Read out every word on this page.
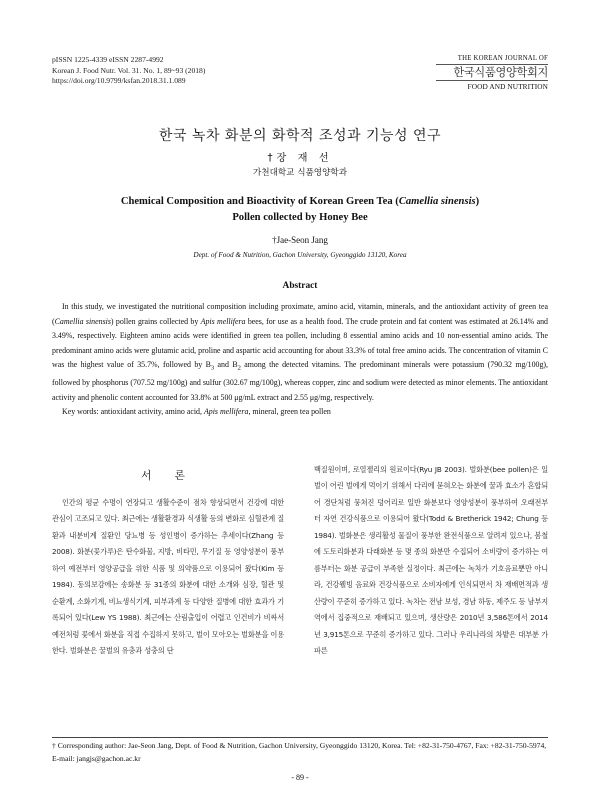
pISSN 1225-4339 eISSN 2287-4992
Korean J. Food Nutr. Vol. 31. No. 1, 89~93 (2018)
https://doi.org/10.9799/ksfan.2018.31.1.089
THE KOREAN JOURNAL OF
한국식품영양학회지
FOOD AND NUTRITION
한국 녹차 화분의 화학적 조성과 기능성 연구
†장 재 선
가천대학교 식품영양학과
Chemical Composition and Bioactivity of Korean Green Tea (Camellia sinensis)
Pollen collected by Honey Bee
†Jae-Seon Jang
Dept. of Food & Nutrition, Gachon University, Gyeonggido 13120, Korea
Abstract

In this study, we investigated the nutritional composition including proximate, amino acid, vitamin, minerals, and the antioxidant activity of green tea (Camellia sinensis) pollen grains collected by Apis mellifera bees, for use as a health food. The crude protein and fat content was estimated at 26.14% and 3.49%, respectively. Eighteen amino acids were identified in green tea pollen, including 8 essential amino acids and 10 non-essential amino acids. The predominant amino acids were glutamic acid, proline and aspartic acid accounting for about 33.3% of total free amino acids. The concentration of vitamin C was the highest value of 35.7%, followed by $B_3$ and $B_2$ among the detected vitamins. The predominant minerals were potassium (790.32 mg/100g), followed by phosphorus (707.52 mg/100g) and sulfur (302.67 mg/100g), whereas copper, zinc and sodium were detected as minor elements. The antioxidant activity and phenolic content accounted for 33.8% at 500 μg/mL extract and 2.55 μg/mg, respectively.

Key words: antioxidant activity, amino acid, Apis mellifera, mineral, green tea pollen

서 론

인간의 평균 수명이 연장되고 생활수준이 점차 향상되면서 건강에 대한 관심이 고조되고 있다. 최근에는 생활환경과 식생활 등의 변화로 심혈관계 질환과 내분비계 질환인 당뇨병 등 성인병이 증가하는 추세이다(Zhang 등 2008). 화분(꽃가루)은 탄수화물, 지방, 비타민, 무기질 등 영양성분이 풍부하여 예전부터 영양공급을 위한 식품 및 의약품으로 이용되어 왔다(Kim 등 1984). 동의보감에는 송화분 등 31종의 화분에 대한 소개와 심장, 혈관 및 순환계, 소화기계, 비뇨생식기계, 피부과계 등 다양한 질병에 대한 효과가 기록되어 있다(Lew YS 1988). 최근에는 산림출입이 어렵고 인건비가 비싸서 예전처럼 꽃에서 화분을 직접 수집하지 못하고, 벌이 모아오는 벌화분을 이용한다. 벌화분은 꿀벌의 유충과 성충의 단

백질원이며, 로열젤리의 원료이다(Ryu JB 2003). 벌화분(bee pollen)은 일벌이 어린 벌에게 먹이기 위해서 다리에 묻혀오는 화분에 꿀과 효소가 혼합되어 경단처럼 뭉쳐진 덩어리로 일반 화분보다 영양성분이 풍부하여 오래전부터 자연 건강식품으로 이용되어 왔다(Todd & Bretherick 1942; Chung 등 1984). 벌화분은 생리활성 물질이 풍부한 완전식품으로 알려져 있으나, 봄철에 도토리화분과 다래화분 등 몇 종의 화분만 수집되어 소비량이 증가하는 여름부터는 화분 공급이 부족한 실정이다. 최근에는 녹차가 기호음료뿐만 아니라, 건강웰빙 음료와 건강식품으로 소비자에게 인식되면서 차 재배면적과 생산량이 꾸준히 증가하고 있다. 녹차는 전남 보성, 경남 하동, 제주도 등 남부지역에서 집중적으로 재배되고 있으며, 생산량은 2010년 3,586톤에서 2014년 3,915톤으로 꾸준히 증가하고 있다. 그러나 우리나라의 차밭은 대부분 가파른

† Corresponding author: Jae-Seon Jang, Dept. of Food & Nutrition, Gachon University, Gyeonggido 13120, Korea. Tel: +82-31-750-4767, Fax: +82-31-750-5974, E-mail: jangjs@gachon.ac.kr
- 89 -
